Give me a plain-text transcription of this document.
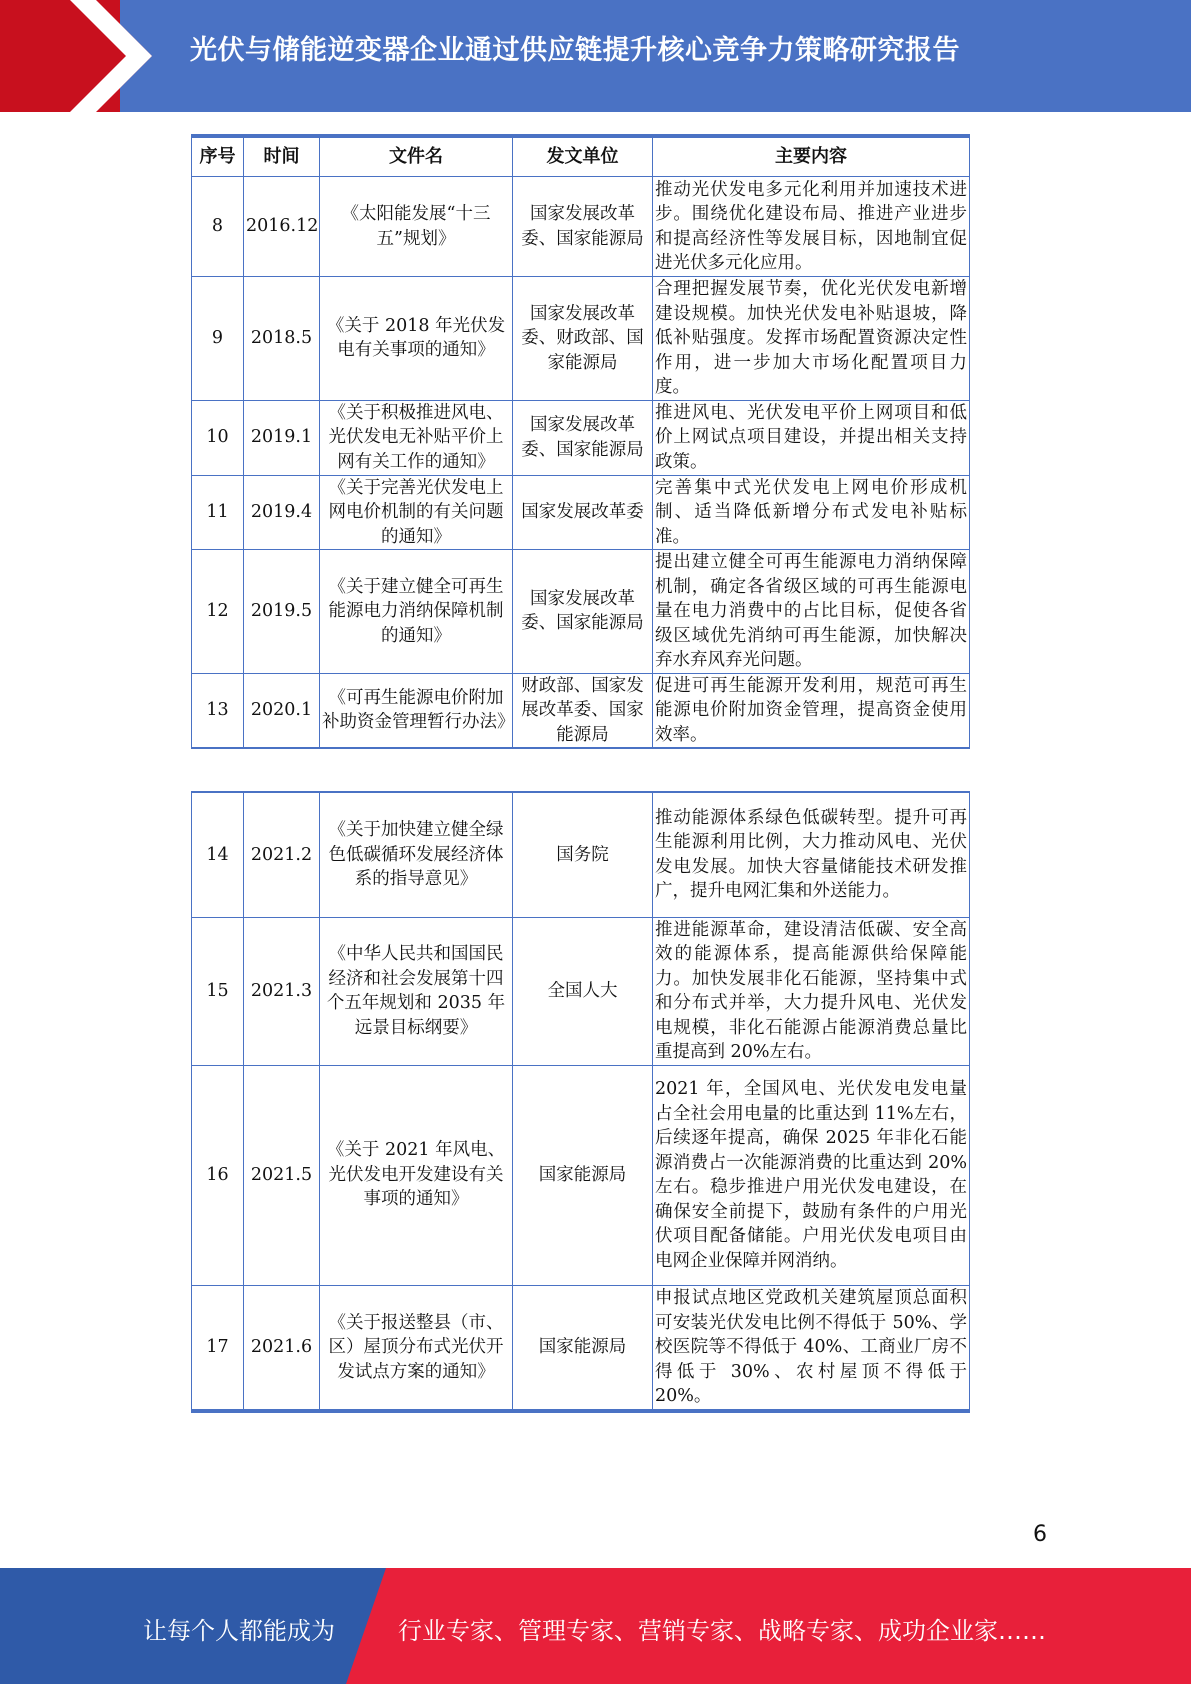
光伏与储能逆变器企业通过供应链提升核心竞争力策略研究报告
序号	时间	文件名	发文单位	主要内容
8	2016.12	《太阳能发展“十三五”规划》	国家发展改革委、国家能源局	推动光伏发电多元化利用并加速技术进步。围绕优化建设布局、推进产业进步和提高经济性等发展目标，因地制宜促进光伏多元化应用。
9	2018.5	《关于 2018 年光伏发电有关事项的通知》	国家发展改革委、财政部、国家能源局	合理把握发展节奏，优化光伏发电新增建设规模。加快光伏发电补贴退坡，降低补贴强度。发挥市场配置资源决定性作用，进一步加大市场化配置项目力度。
10	2019.1	《关于积极推进风电、光伏发电无补贴平价上网有关工作的通知》	国家发展改革委、国家能源局	推进风电、光伏发电平价上网项目和低价上网试点项目建设，并提出相关支持政策。
11	2019.4	《关于完善光伏发电上网电价机制的有关问题的通知》	国家发展改革委	完善集中式光伏发电上网电价形成机制、适当降低新增分布式发电补贴标准。
12	2019.5	《关于建立健全可再生能源电力消纳保障机制的通知》	国家发展改革委、国家能源局	提出建立健全可再生能源电力消纳保障机制，确定各省级区域的可再生能源电量在电力消费中的占比目标，促使各省级区域优先消纳可再生能源，加快解决弃水弃风弃光问题。
13	2020.1	《可再生能源电价附加补助资金管理暂行办法》	财政部、国家发展改革委、国家能源局	促进可再生能源开发利用，规范可再生能源电价附加资金管理，提高资金使用效率。
14	2021.2	《关于加快建立健全绿色低碳循环发展经济体系的指导意见》	国务院	推动能源体系绿色低碳转型。提升可再生能源利用比例，大力推动风电、光伏发电发展。加快大容量储能技术研发推广，提升电网汇集和外送能力。
15	2021.3	《中华人民共和国国民经济和社会发展第十四个五年规划和 2035 年远景目标纲要》	全国人大	推进能源革命，建设清洁低碳、安全高效的能源体系，提高能源供给保障能力。加快发展非化石能源，坚持集中式和分布式并举，大力提升风电、光伏发电规模，非化石能源占能源消费总量比重提高到 20%左右。
16	2021.5	《关于 2021 年风电、光伏发电开发建设有关事项的通知》	国家能源局	2021 年，全国风电、光伏发电发电量占全社会用电量的比重达到 11%左右，后续逐年提高，确保 2025 年非化石能源消费占一次能源消费的比重达到 20%左右。稳步推进户用光伏发电建设，在确保安全前提下，鼓励有条件的户用光伏项目配备储能。户用光伏发电项目由电网企业保障并网消纳。
17	2021.6	《关于报送整县（市、区）屋顶分布式光伏开发试点方案的通知》	国家能源局	申报试点地区党政机关建筑屋顶总面积可安装光伏发电比例不得低于 50%、学校医院等不得低于 40%、工商业厂房不得低于 30%、农村屋顶不得低于 20%。
6
让每个人都能成为	行业专家、管理专家、营销专家、战略专家、成功企业家……
